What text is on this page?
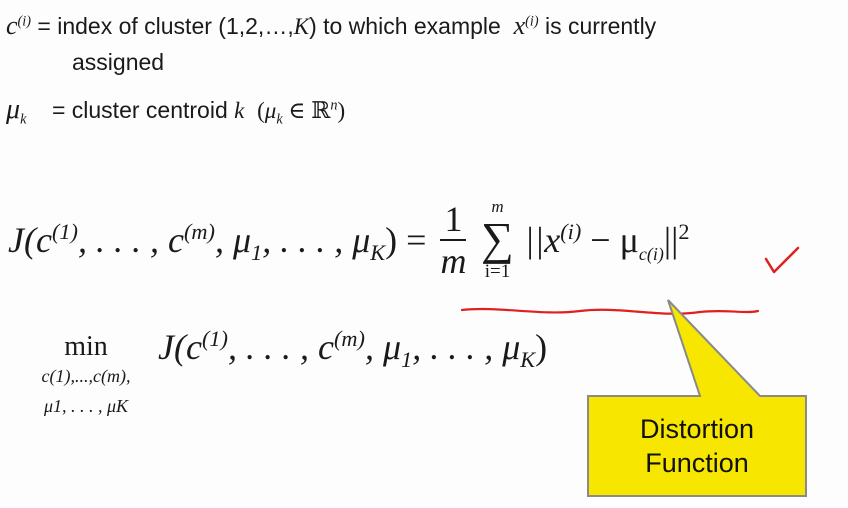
$c^{(i)}$ = index of cluster (1,2,…,K) to which example $x^{(i)}$ is currently
assigned
$\mu_k$ = cluster centroid k ($\mu_k$ ∈ ℝ$^n$)
$J(c^{(1)}$, . . . , $c^{(m)}$, $\mu_1$, . . . , $\mu_K) = \frac{1}{m}$	m
∑
i=1
$||x^{(i)} - \mu_{c(i)}||^2$
min
c(1),...,c(m),
μ1, . . . , μK
$J(c^{(1)}$, . . . , $c^{(m)}$, $\mu_1$, . . . , $\mu_K$)
Distortion
Function
